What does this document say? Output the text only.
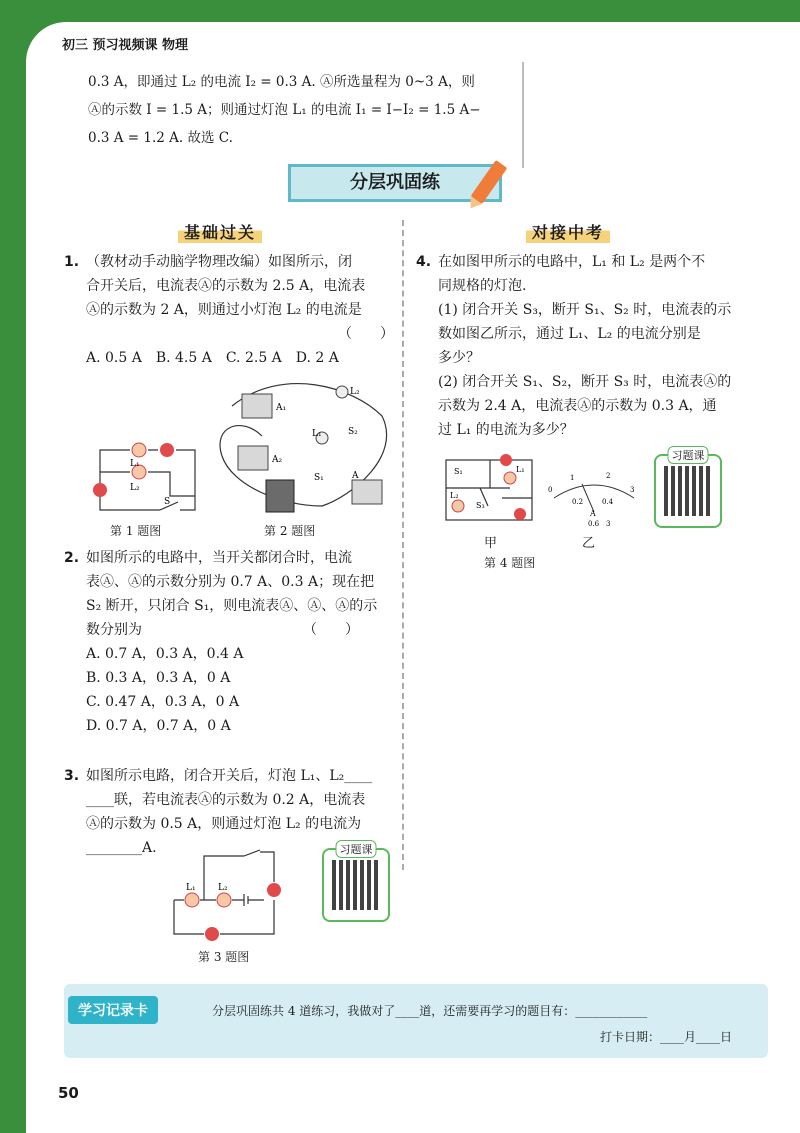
初三 预习视频课 物理

0.3 A，即通过 L₂ 的电流 I₂ = 0.3 A. Ⓐ所选量程为 0~3 A，则

Ⓐ的示数 I = 1.5 A；则通过灯泡 L₁ 的电流 I₁ = I−I₂ = 1.5 A−

0.3 A = 1.2 A. 故选 C.

分层巩固练
基础过关	对接中考
1. （教材动手动脑学物理改编）如图所示，闭

合开关后，电流表Ⓐ的示数为 2.5 A，电流表

Ⓐ的示数为 2 A，则通过小灯泡 L₂ 的电流是

（　　）

A. 0.5 A　B. 4.5 A　C. 2.5 A　D. 2 A

L₁
L₂
S
第 1 题图
A₁
A₂
A
L₂
L₁	S₂
S₁
第 2 题图
2. 如图所示的电路中，当开关都闭合时，电流

表Ⓐ、Ⓐ的示数分别为 0.7 A、0.3 A；现在把

S₂ 断开，只闭合 S₁，则电流表Ⓐ、Ⓐ、Ⓐ的示

数分别为　　　　　　　　　　　　（　　）

A. 0.7 A，0.3 A，0.4 A

B. 0.3 A，0.3 A，0 A

C. 0.47 A，0.3 A，0 A

D. 0.7 A，0.7 A，0 A

3. 如图所示电路，闭合开关后，灯泡 L₁、L₂____

____联，若电流表Ⓐ的示数为 0.2 A，电流表

Ⓐ的示数为 0.5 A，则通过灯泡 L₂ 的电流为

________A.

L₁ L₂
第 3 题图
习题课
4. 在如图甲所示的电路中，L₁ 和 L₂ 是两个不

同规格的灯泡.

(1) 闭合开关 S₃，断开 S₁、S₂ 时，电流表的示

数如图乙所示，通过 L₁、L₂ 的电流分别是

多少？

(2) 闭合开关 S₁、S₂，断开 S₃ 时，电流表Ⓐ的

示数为 2.4 A，电流表Ⓐ的示数为 0.3 A，通

过 L₁ 的电流为多少？

S₁
L₂
L₁
S₃
甲
0
1	2
3
0.2	0.4
A
0.6 3
乙
第 4 题图
习题课
学习记录卡	分层巩固练共 4 道练习，我做对了____道，还需要再学习的题目有：____________
打卡日期：____月____日
50
